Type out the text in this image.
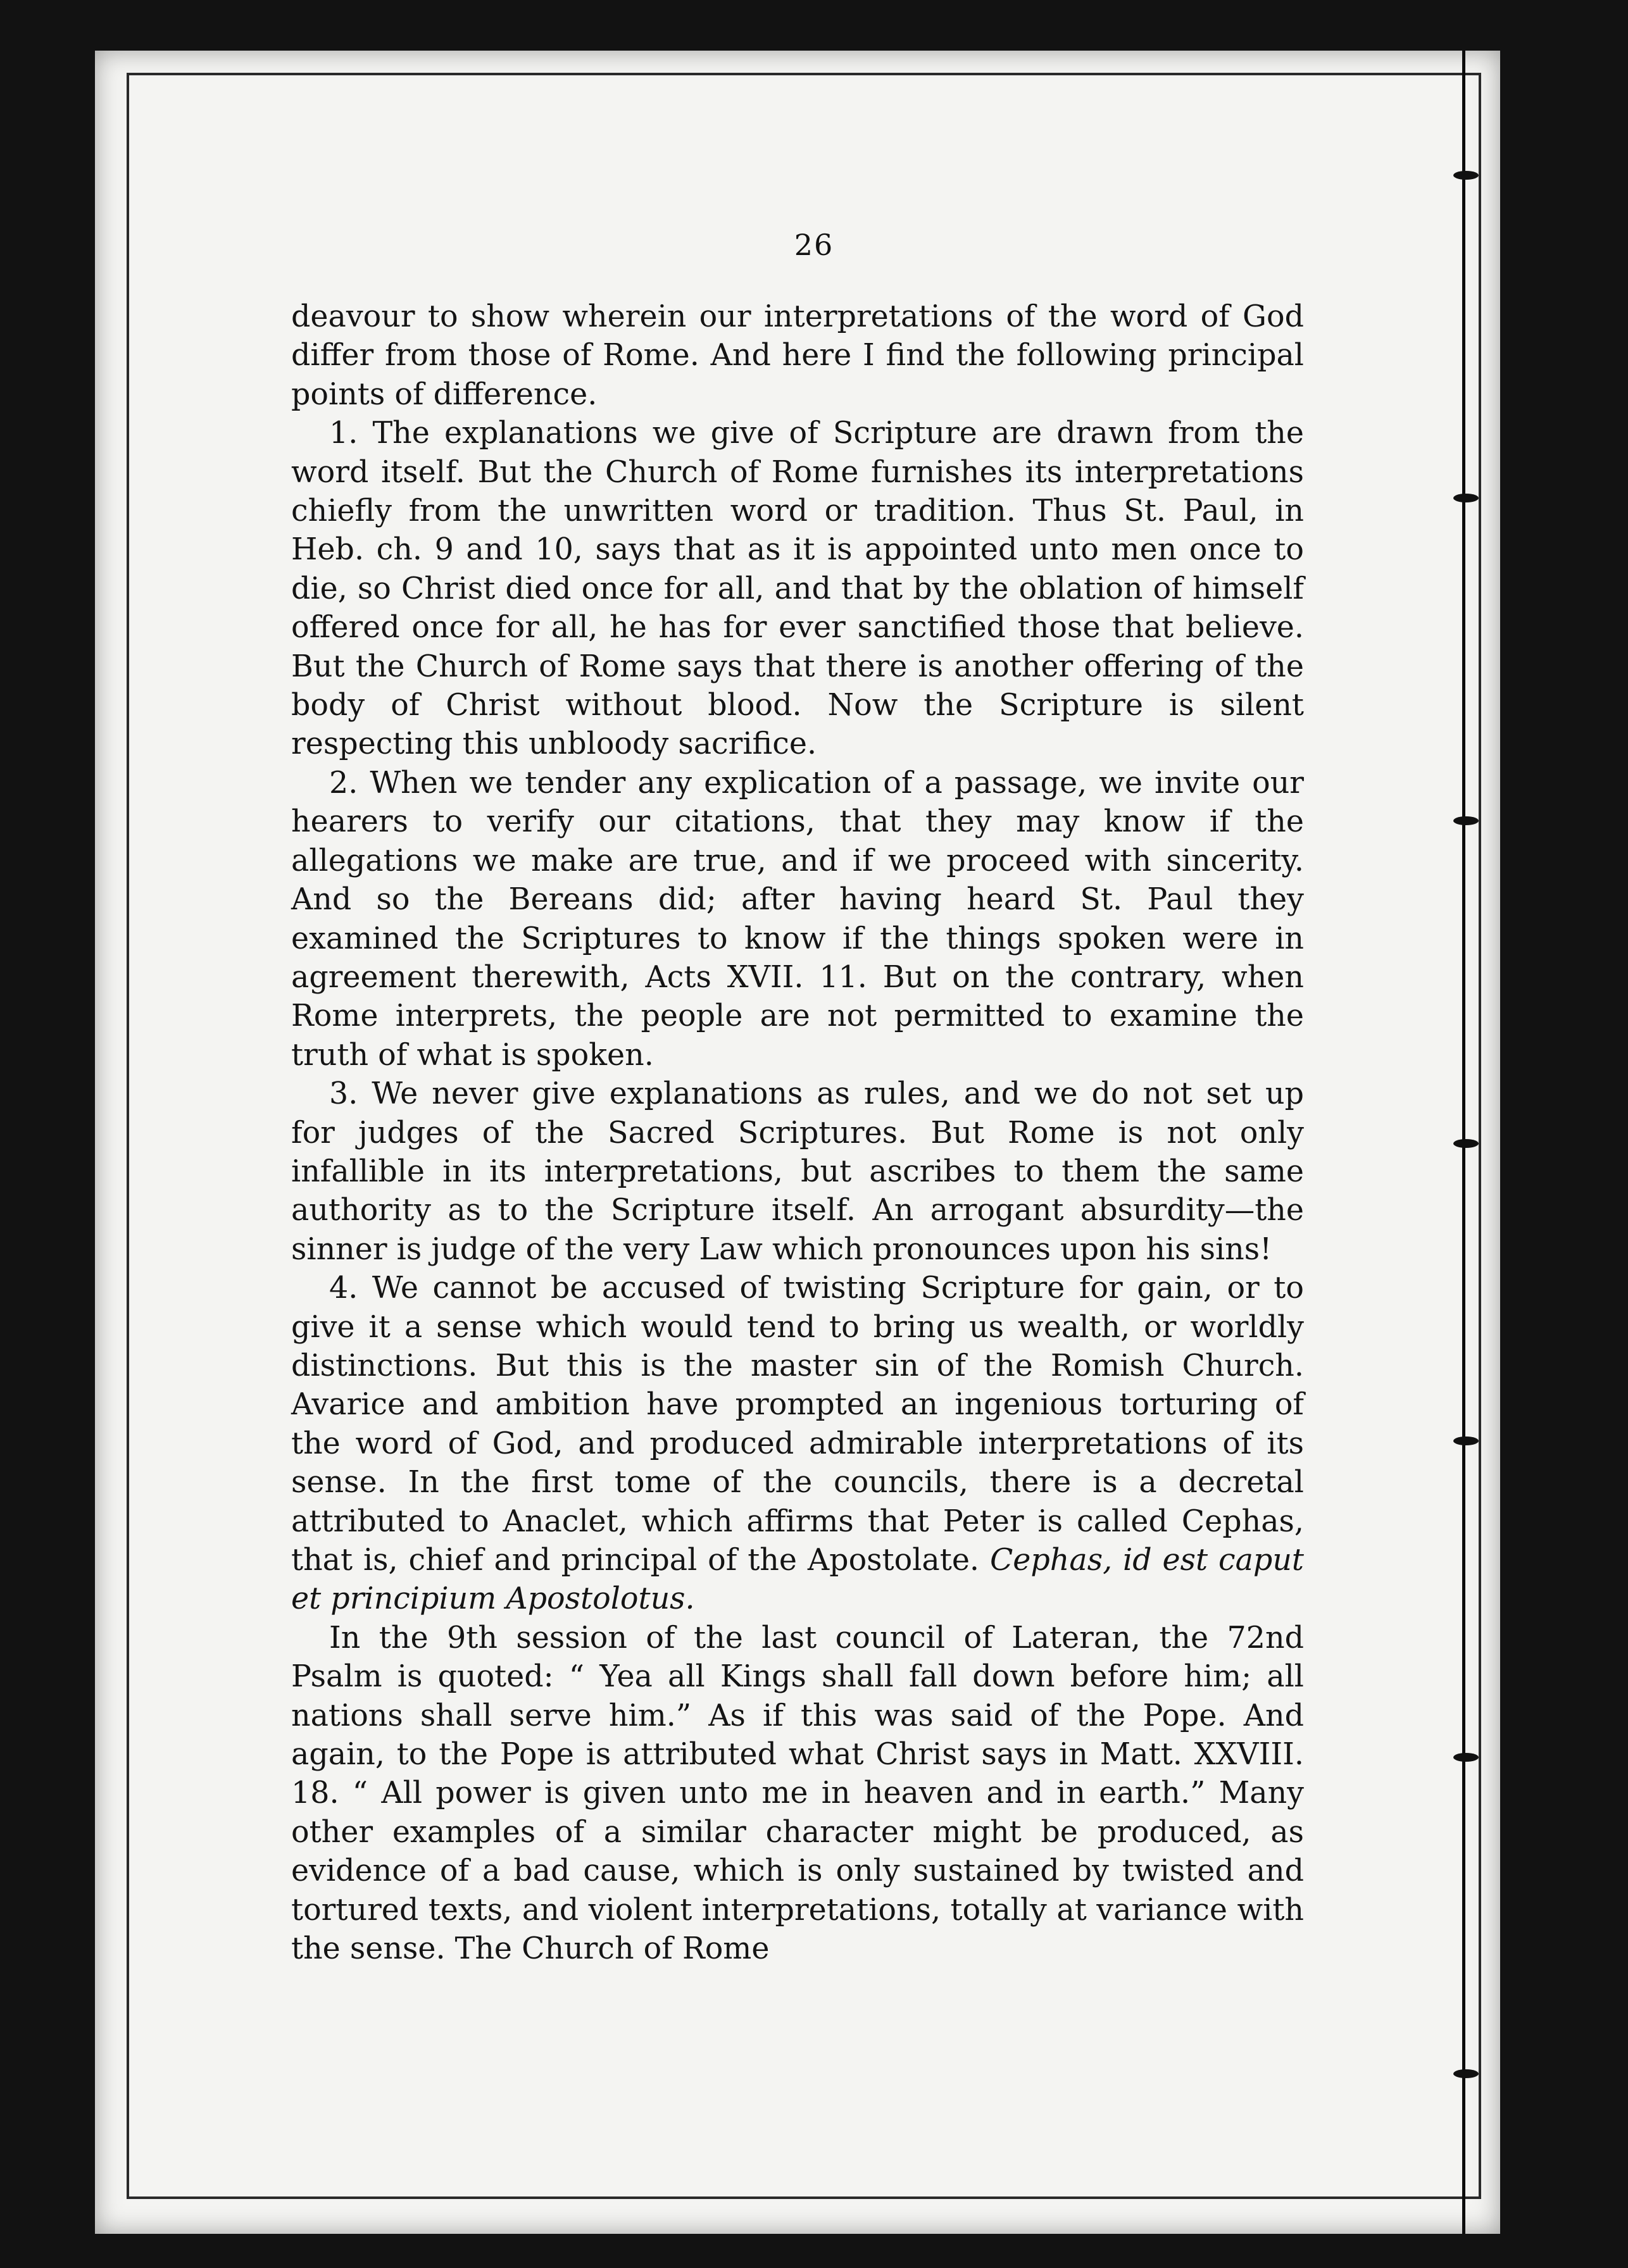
26

deavour to show wherein our interpretations of the word of God differ from those of Rome. And here I find the following principal points of difference.

1. The explanations we give of Scripture are drawn from the word itself. But the Church of Rome furnishes its interpretations chiefly from the unwritten word or tradition. Thus St. Paul, in Heb. ch. 9 and 10, says that as it is appointed unto men once to die, so Christ died once for all, and that by the oblation of himself offered once for all, he has for ever sanctified those that believe. But the Church of Rome says that there is another offering of the body of Christ without blood. Now the Scripture is silent respecting this unbloody sacrifice.

2. When we tender any explication of a passage, we invite our hearers to verify our citations, that they may know if the allegations we make are true, and if we proceed with sincerity. And so the Bereans did; after having heard St. Paul they examined the Scriptures to know if the things spoken were in agreement therewith, Acts XVII. 11. But on the contrary, when Rome interprets, the people are not permitted to examine the truth of what is spoken.

3. We never give explanations as rules, and we do not set up for judges of the Sacred Scriptures. But Rome is not only infallible in its interpretations, but ascribes to them the same authority as to the Scripture itself. An arrogant absurdity—the sinner is judge of the very Law which pronounces upon his sins!

4. We cannot be accused of twisting Scripture for gain, or to give it a sense which would tend to bring us wealth, or worldly distinctions. But this is the master sin of the Romish Church. Avarice and ambition have prompted an ingenious torturing of the word of God, and produced admirable interpretations of its sense. In the first tome of the councils, there is a decretal attributed to Anaclet, which affirms that Peter is called Cephas, that is, chief and principal of the Apostolate. Cephas, id est caput et principium Apostolotus.

In the 9th session of the last council of Lateran, the 72nd Psalm is quoted: “ Yea all Kings shall fall down before him; all nations shall serve him.” As if this was said of the Pope. And again, to the Pope is attributed what Christ says in Matt. XXVIII. 18. “ All power is given unto me in heaven and in earth.” Many other examples of a similar character might be produced, as evidence of a bad cause, which is only sustained by twisted and tortured texts, and violent interpretations, totally at variance with the sense. The Church of Rome
